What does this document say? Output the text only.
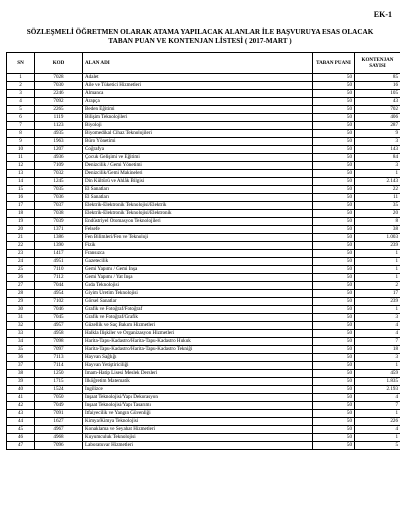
EK-1
SÖZLEŞMELİ ÖĞRETMEN OLARAK ATAMA YAPILACAK ALANLAR İLE BAŞVURUYA ESAS OLACAK
TABAN PUAN VE KONTENJAN LİSTESİ ( 2017-MART )
SN	KOD	ALAN ADI	TABAN PUANI	KONTENJAN SAYISI
1	7028	Adalet	50	85
2	7030	Aile ve Tüketici Hizmetleri	50	16
3	2246	Almanca	50	105
4	7092	Arapça	50	43
5	2265	Beden Eğitimi	50	702
6	1119	Bilişim Teknolojileri	50	406
7	1123	Biyoloji	50	287
8	4935	Biyomedikal Cihaz Teknolojileri	50	9
9	1963	Büro Yönetimi	50	3
10	1207	Coğrafya	50	143
11	4936	Çocuk Gelişimi ve Eğitimi	50	84
12	7109	Denizcilik / Gemi Yönetimi	50	3
13	7032	Denizcilik/Gemi Makineleri	50	1
14	1245	Din Kültürü ve Ahlâk Bilgisi	50	2.143
15	7035	El Sanatları	50	22
16	7036	El Sanatları	50	11
17	7037	Elektrik-Elektronik Teknolojisi/Elektrik	50	35
18	7038	Elektrik-Elektronik Teknolojisi/Elektronik	50	20
19	7039	Endüstriyel Otomasyon Teknolojileri	50	8
20	1371	Felsefe	50	38
21	1386	Fen Bilimleri/Fen ve Teknoloji	50	1.003
22	1390	Fizik	50	239
23	1417	Fransızca	50	1
24	4951	Gazetecilik	50	1
25	7110	Gemi Yapımı / Gemi İnşa	50	1
26	7112	Gemi Yapımı / Yat İnşa	50	1
27	7044	Gıda Teknolojisi	50	2
28	4954	Giyim Üretim Teknolojisi	50	17
29	7102	Görsel Sanatlar	50	239
30	7046	Grafik ve Fotoğraf/Fotoğraf	50	1
31	7045	Grafik ve Fotoğraf/Grafik	50	3
32	4957	Güzellik ve Saç Bakım Hizmetleri	50	4
33	4958	Halkla İlişkiler ve Organizasyon Hizmetleri	50	4
34	7098	Harita-Tapu-Kadastro/Harita-Tapu-Kadastro Hukuk	50	7
35	7097	Harita-Tapu-Kadastro/Harita-Tapu-Kadastro Tekniği	50	18
36	7113	Hayvan Sağlığı	50	3
37	7114	Hayvan Yetiştiriciliği	50	1
38	1250	İmam-Hatip Lisesi Meslek Dersleri	50	459
39	1715	İlköğretim Matematik	50	1.835
40	1524	İngilizce	50	2.193
41	7050	İnşaat Teknolojisi/Yapı Dekorasyon	50	4
42	7049	İnşaat Teknolojisi/Yapı Tasarımı	50	7
43	7091	İtfaiyecilik ve Yangın Güvenliği	50	1
44	1627	Kimya/Kimya Teknolojisi	50	226
45	4967	Konaklama ve Seyahat Hizmetleri	50	4
46	4968	Kuyumculuk Teknolojisi	50	1
47	7096	Laboratuvar Hizmetleri	50	5
